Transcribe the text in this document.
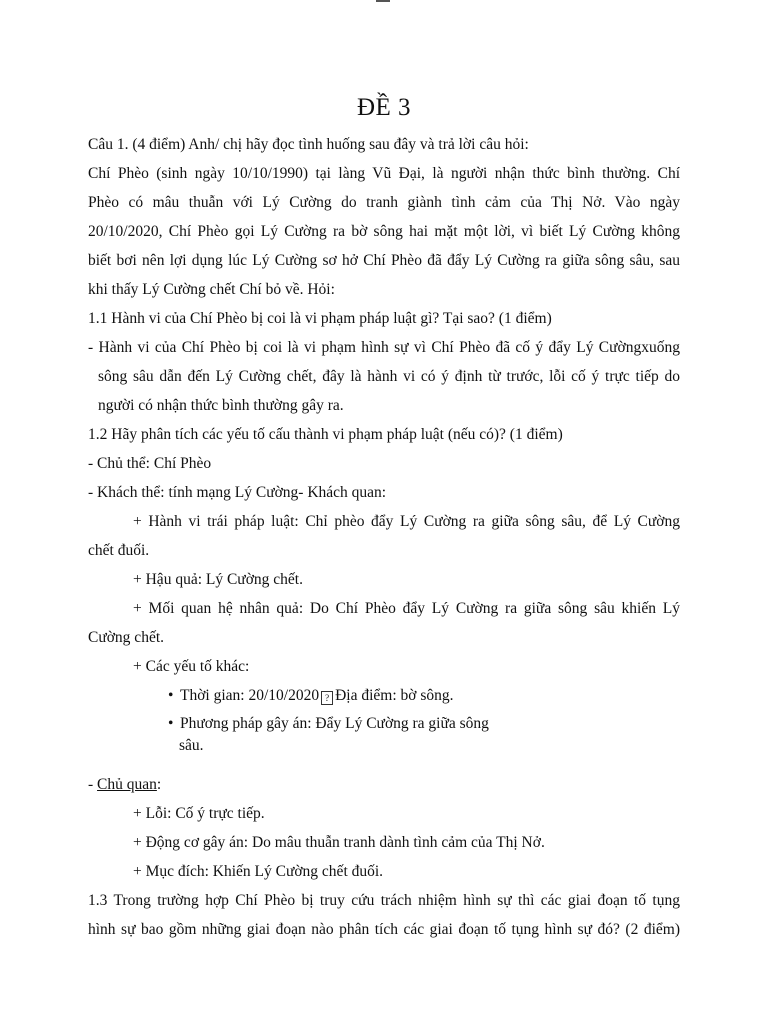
ĐỀ 3
Câu 1. (4 điểm) Anh/ chị hãy đọc tình huống sau đây và trả lời câu hỏi:
Chí Phèo (sinh ngày 10/10/1990) tại làng Vũ Đại, là người nhận thức bình thường. Chí
Phèo có mâu thuẫn với Lý Cường do tranh giành tình cảm của Thị Nở. Vào ngày
20/10/2020, Chí Phèo gọi Lý Cường ra bờ sông hai mặt một lời, vì biết Lý Cường không
biết bơi nên lợi dụng lúc Lý Cường sơ hở Chí Phèo đã đẩy Lý Cường ra giữa sông sâu, sau
khi thấy Lý Cường chết Chí bỏ về. Hỏi:
1.1 Hành vi của Chí Phèo bị coi là vi phạm pháp luật gì? Tại sao? (1 điểm)
- Hành vi của Chí Phèo bị coi là vi phạm hình sự vì Chí Phèo đã cố ý đẩy Lý Cườngxuống
sông sâu dẫn đến Lý Cường chết, đây là hành vi có ý định từ trước, lỗi cố ý trực tiếp do
người có nhận thức bình thường gây ra.
1.2 Hãy phân tích các yếu tố cấu thành vi phạm pháp luật (nếu có)? (1 điểm)
- Chủ thể: Chí Phèo
- Khách thể: tính mạng Lý Cường- Khách quan:
+ Hành vi trái pháp luật: Chỉ phèo đẩy Lý Cường ra giữa sông sâu, để Lý Cường
chết đuối.
+ Hậu quả: Lý Cường chết.
+ Mối quan hệ nhân quả: Do Chí Phèo đẩy Lý Cường ra giữa sông sâu khiến Lý
Cường chết.
+ Các yếu tố khác:
• Thời gian: 20/10/2020 ? Địa điểm: bờ sông.
• Phương pháp gây án: Đẩy Lý Cường ra giữa sông
sâu.
- Chủ quan:
+ Lỗi: Cố ý trực tiếp.
+ Động cơ gây án: Do mâu thuẫn tranh dành tình cảm của Thị Nở.
+ Mục đích: Khiến Lý Cường chết đuối.
1.3 Trong trường hợp Chí Phèo bị truy cứu trách nhiệm hình sự thì các giai đoạn tố tụng
hình sự bao gồm những giai đoạn nào phân tích các giai đoạn tố tụng hình sự đó? (2 điểm)
